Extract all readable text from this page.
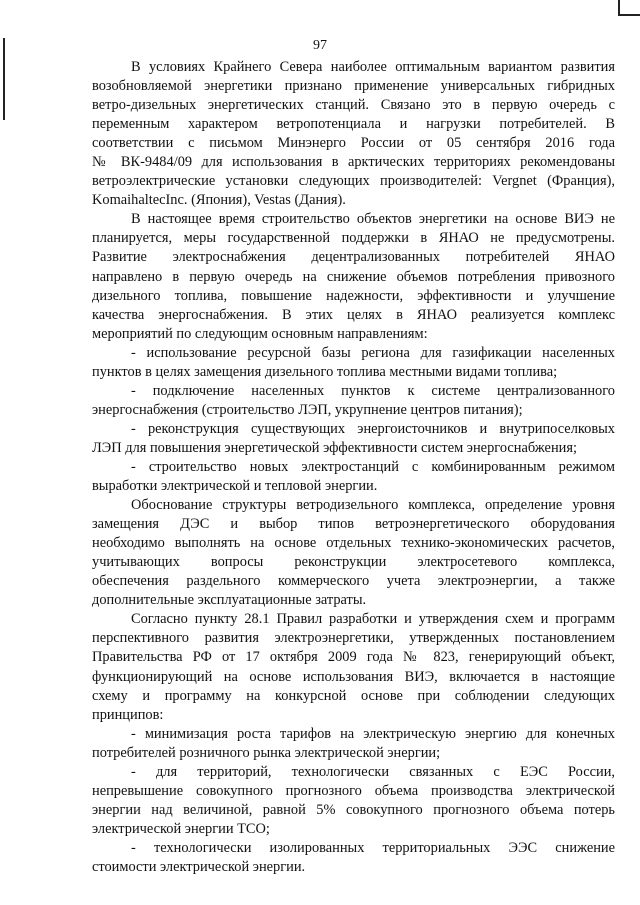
97
В условиях Крайнего Севера наиболее оптимальным вариантом развития
возобновляемой энергетики признано применение универсальных гибридных
ветро-дизельных энергетических станций. Связано это в первую очередь с
переменным характером ветропотенциала и нагрузки потребителей. В
соответствии с письмом Минэнерго России от 05 сентября 2016 года
№ ВК-9484/09 для использования в арктических территориях рекомендованы
ветроэлектрические установки следующих производителей: Vergnet (Франция),
KomaihaltecInc. (Япония), Vestas (Дания).
В настоящее время строительство объектов энергетики на основе ВИЭ не
планируется, меры государственной поддержки в ЯНАО не предусмотрены.
Развитие электроснабжения децентрализованных потребителей ЯНАО
направлено в первую очередь на снижение объемов потребления привозного
дизельного топлива, повышение надежности, эффективности и улучшение
качества энергоснабжения. В этих целях в ЯНАО реализуется комплекс
мероприятий по следующим основным направлениям:
- использование ресурсной базы региона для газификации населенных
пунктов в целях замещения дизельного топлива местными видами топлива;
- подключение населенных пунктов к системе централизованного
энергоснабжения (строительство ЛЭП, укрупнение центров питания);
- реконструкция существующих энергоисточников и внутрипоселковых
ЛЭП для повышения энергетической эффективности систем энергоснабжения;
- строительство новых электростанций с комбинированным режимом
выработки электрической и тепловой энергии.
Обоснование структуры ветродизельного комплекса, определение уровня
замещения ДЭС и выбор типов ветроэнергетического оборудования
необходимо выполнять на основе отдельных технико-экономических расчетов,
учитывающих вопросы реконструкции электросетевого комплекса,
обеспечения раздельного коммерческого учета электроэнергии, а также
дополнительные эксплуатационные затраты.
Согласно пункту 28.1 Правил разработки и утверждения схем и программ
перспективного развития электроэнергетики, утвержденных постановлением
Правительства РФ от 17 октября 2009 года № 823, генерирующий объект,
функционирующий на основе использования ВИЭ, включается в настоящие
схему и программу на конкурсной основе при соблюдении следующих
принципов:
- минимизация роста тарифов на электрическую энергию для конечных
потребителей розничного рынка электрической энергии;
- для территорий, технологически связанных с ЕЭС России,
непревышение совокупного прогнозного объема производства электрической
энергии над величиной, равной 5% совокупного прогнозного объема потерь
электрической энергии ТСО;
- технологически изолированных территориальных ЭЭС снижение
стоимости электрической энергии.
